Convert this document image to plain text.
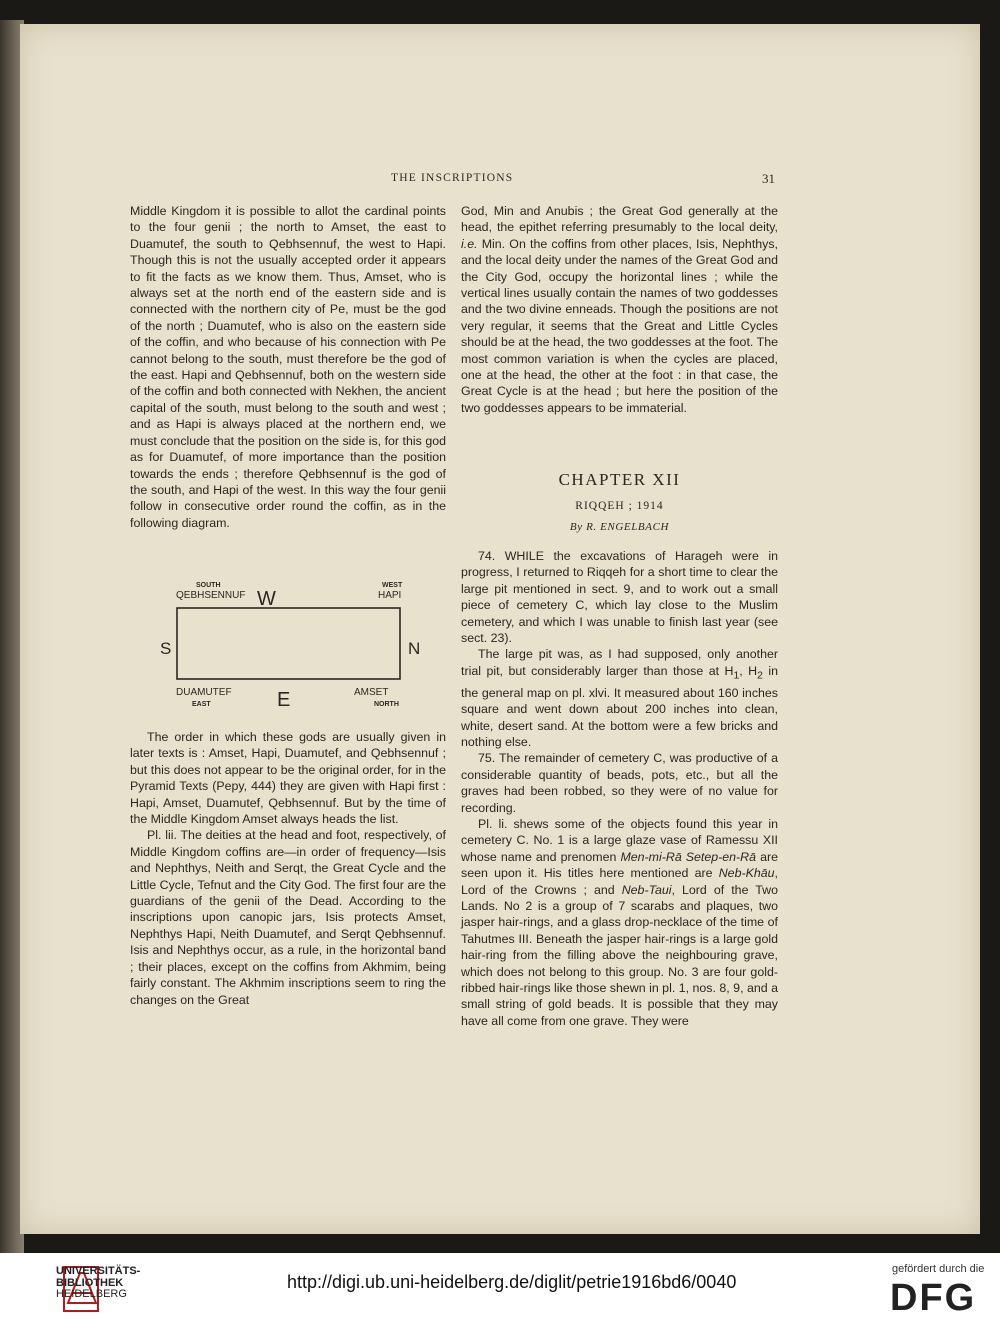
THE INSCRIPTIONS	31

Middle Kingdom it is possible to allot the cardinal points to the four genii ; the north to Amset, the east to Duamutef, the south to Qebhsennuf, the west to Hapi. Though this is not the usually accepted order it appears to fit the facts as we know them. Thus, Amset, who is always set at the north end of the eastern side and is connected with the northern city of Pe, must be the god of the north ; Duamutef, who is also on the eastern side of the coffin, and who because of his connection with Pe cannot belong to the south, must therefore be the god of the east. Hapi and Qebhsennuf, both on the western side of the coffin and both connected with Nekhen, the ancient capital of the south, must belong to the south and west ; and as Hapi is always placed at the northern end, we must conclude that the position on the side is, for this god as for Duamutef, of more importance than the position towards the ends ; therefore Qebhsennuf is the god of the south, and Hapi of the west. In this way the four genii follow in consecutive order round the coffin, as in the following diagram.

SOUTH
QEBHSENNUF W
WEST
HAPI
S	N
DUAMUTEF
EAST	E	AMSET
NORTH

The order in which these gods are usually given in later texts is : Amset, Hapi, Duamutef, and Qebhsennuf ; but this does not appear to be the original order, for in the Pyramid Texts (Pepy, 444) they are given with Hapi first : Hapi, Amset, Duamutef, Qebhsennuf. But by the time of the Middle Kingdom Amset always heads the list.

Pl. lii. The deities at the head and foot, respectively, of Middle Kingdom coffins are—in order of frequency—Isis and Nephthys, Neith and Serqt, the Great Cycle and the Little Cycle, Tefnut and the City God. The first four are the guardians of the genii of the Dead. According to the inscriptions upon canopic jars, Isis protects Amset, Nephthys Hapi, Neith Duamutef, and Serqt Qebhsennuf. Isis and Nephthys occur, as a rule, in the horizontal band ; their places, except on the coffins from Akhmim, being fairly constant. The Akhmim inscriptions seem to ring the changes on the Great

God, Min and Anubis ; the Great God generally at the head, the epithet referring presumably to the local deity, i.e. Min. On the coffins from other places, Isis, Nephthys, and the local deity under the names of the Great God and the City God, occupy the horizontal lines ; while the vertical lines usually contain the names of two goddesses and the two divine enneads. Though the positions are not very regular, it seems that the Great and Little Cycles should be at the head, the two goddesses at the foot. The most common variation is when the cycles are placed, one at the head, the other at the foot : in that case, the Great Cycle is at the head ; but here the position of the two goddesses appears to be immaterial.

CHAPTER XII
RIQQEH ; 1914
By R. ENGELBACH

74. WHILE the excavations of Harageh were in progress, I returned to Riqqeh for a short time to clear the large pit mentioned in sect. 9, and to work out a small piece of cemetery C, which lay close to the Muslim cemetery, and which I was unable to finish last year (see sect. 23).

The large pit was, as I had supposed, only another trial pit, but considerably larger than those at $H_1$, $H_2$ in the general map on pl. xlvi. It measured about 160 inches square and went down about 200 inches into clean, white, desert sand. At the bottom were a few bricks and nothing else.

75. The remainder of cemetery C, was productive of a considerable quantity of beads, pots, etc., but all the graves had been robbed, so they were of no value for recording.

Pl. li. shews some of the objects found this year in cemetery C. No. 1 is a large glaze vase of Ramessu XII whose name and prenomen Men-mi-Rā Setep-en-Rā are seen upon it. His titles here mentioned are Neb-Khāu, Lord of the Crowns ; and Neb-Taui, Lord of the Two Lands. No 2 is a group of 7 scarabs and plaques, two jasper hair-rings, and a glass drop-necklace of the time of Tahutmes III. Beneath the jasper hair-rings is a large gold hair-ring from the filling above the neighbouring grave, which does not belong to this group. No. 3 are four gold-ribbed hair-rings like those shewn in pl. 1, nos. 8, 9, and a small string of gold beads. It is possible that they may have all come from one grave. They were

UNIVERSITÄTS-
BIBLIOTHEK
HEIDELBERG
http://digi.ub.uni-heidelberg.de/diglit/petrie1916bd6/0040
gefördert durch die
DFG
